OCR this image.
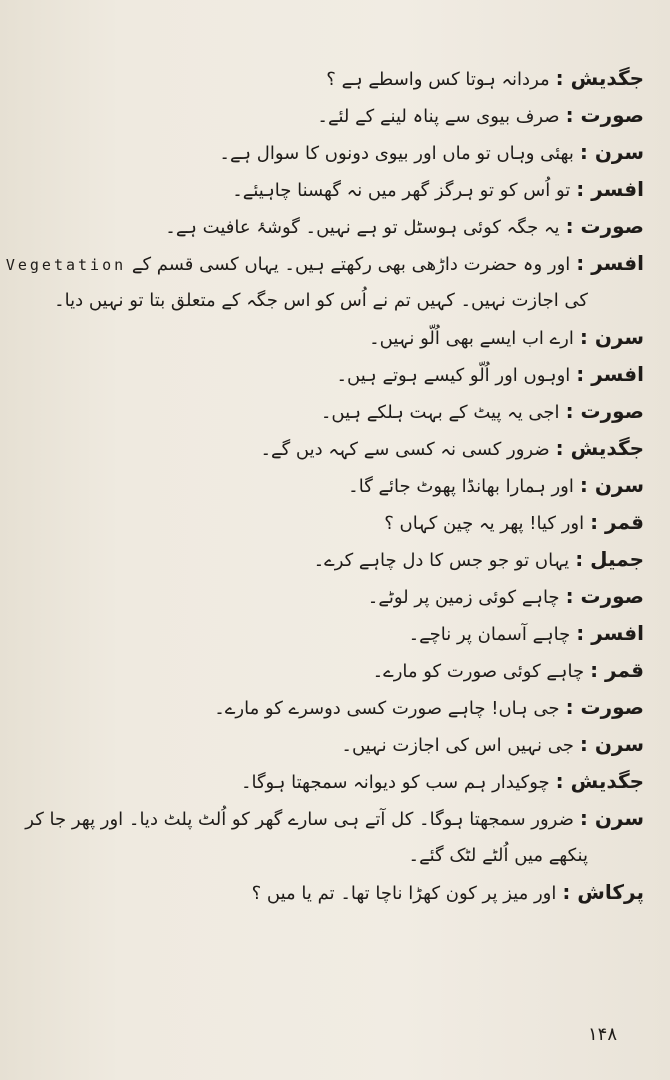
جگدیش :مردانہ ہوتا کس واسطے ہے ؟
صورت :صرف بیوی سے پناہ لینے کے لئے۔
سرن :بھئی وہاں تو ماں اور بیوی دونوں کا سوال ہے۔
افسر :تو اُس کو تو ہرگز گھر میں نہ گھسنا چاہیئے۔
صورت :یہ جگہ کوئی ہوسٹل تو ہے نہیں۔ گوشۂ عافیت ہے۔
افسر :اور وہ حضرت داڑھی بھی رکھتے ہیں۔ یہاں کسی قسم کے Vegetation
کی اجازت نہیں۔ کہیں تم نے اُس کو اس جگہ کے متعلق بتا تو نہیں دیا۔
سرن :ارے اب ایسے بھی اُلّو نہیں۔
افسر :اوہوں اور اُلّو کیسے ہوتے ہیں۔
صورت :اجی یہ پیٹ کے بہت ہلکے ہیں۔
جگدیش :ضرور کسی نہ کسی سے کہہ دیں گے۔
سرن :اور ہمارا بھانڈا پھوٹ جائے گا۔
قمر :اور کیا! پھر یہ چین کہاں ؟
جمیل :یہاں تو جو جس کا دل چاہے کرے۔
صورت :چاہے کوئی زمین پر لوٹے۔
افسر :چاہے آسمان پر ناچے۔
قمر :چاہے کوئی صورت کو مارے۔
صورت :جی ہاں! چاہے صورت کسی دوسرے کو مارے۔
سرن :جی نہیں اس کی اجازت نہیں۔
جگدیش :چوکیدار ہم سب کو دیوانہ سمجھتا ہوگا۔
سرن :ضرور سمجھتا ہوگا۔ کل آتے ہی سارے گھر کو اُلٹ پلٹ دیا۔ اور پھر جا کر
پنکھے میں اُلٹے لٹک گئے۔
پرکاش :اور میز پر کون کھڑا ناچا تھا۔ تم یا میں ؟
۱۴۸
